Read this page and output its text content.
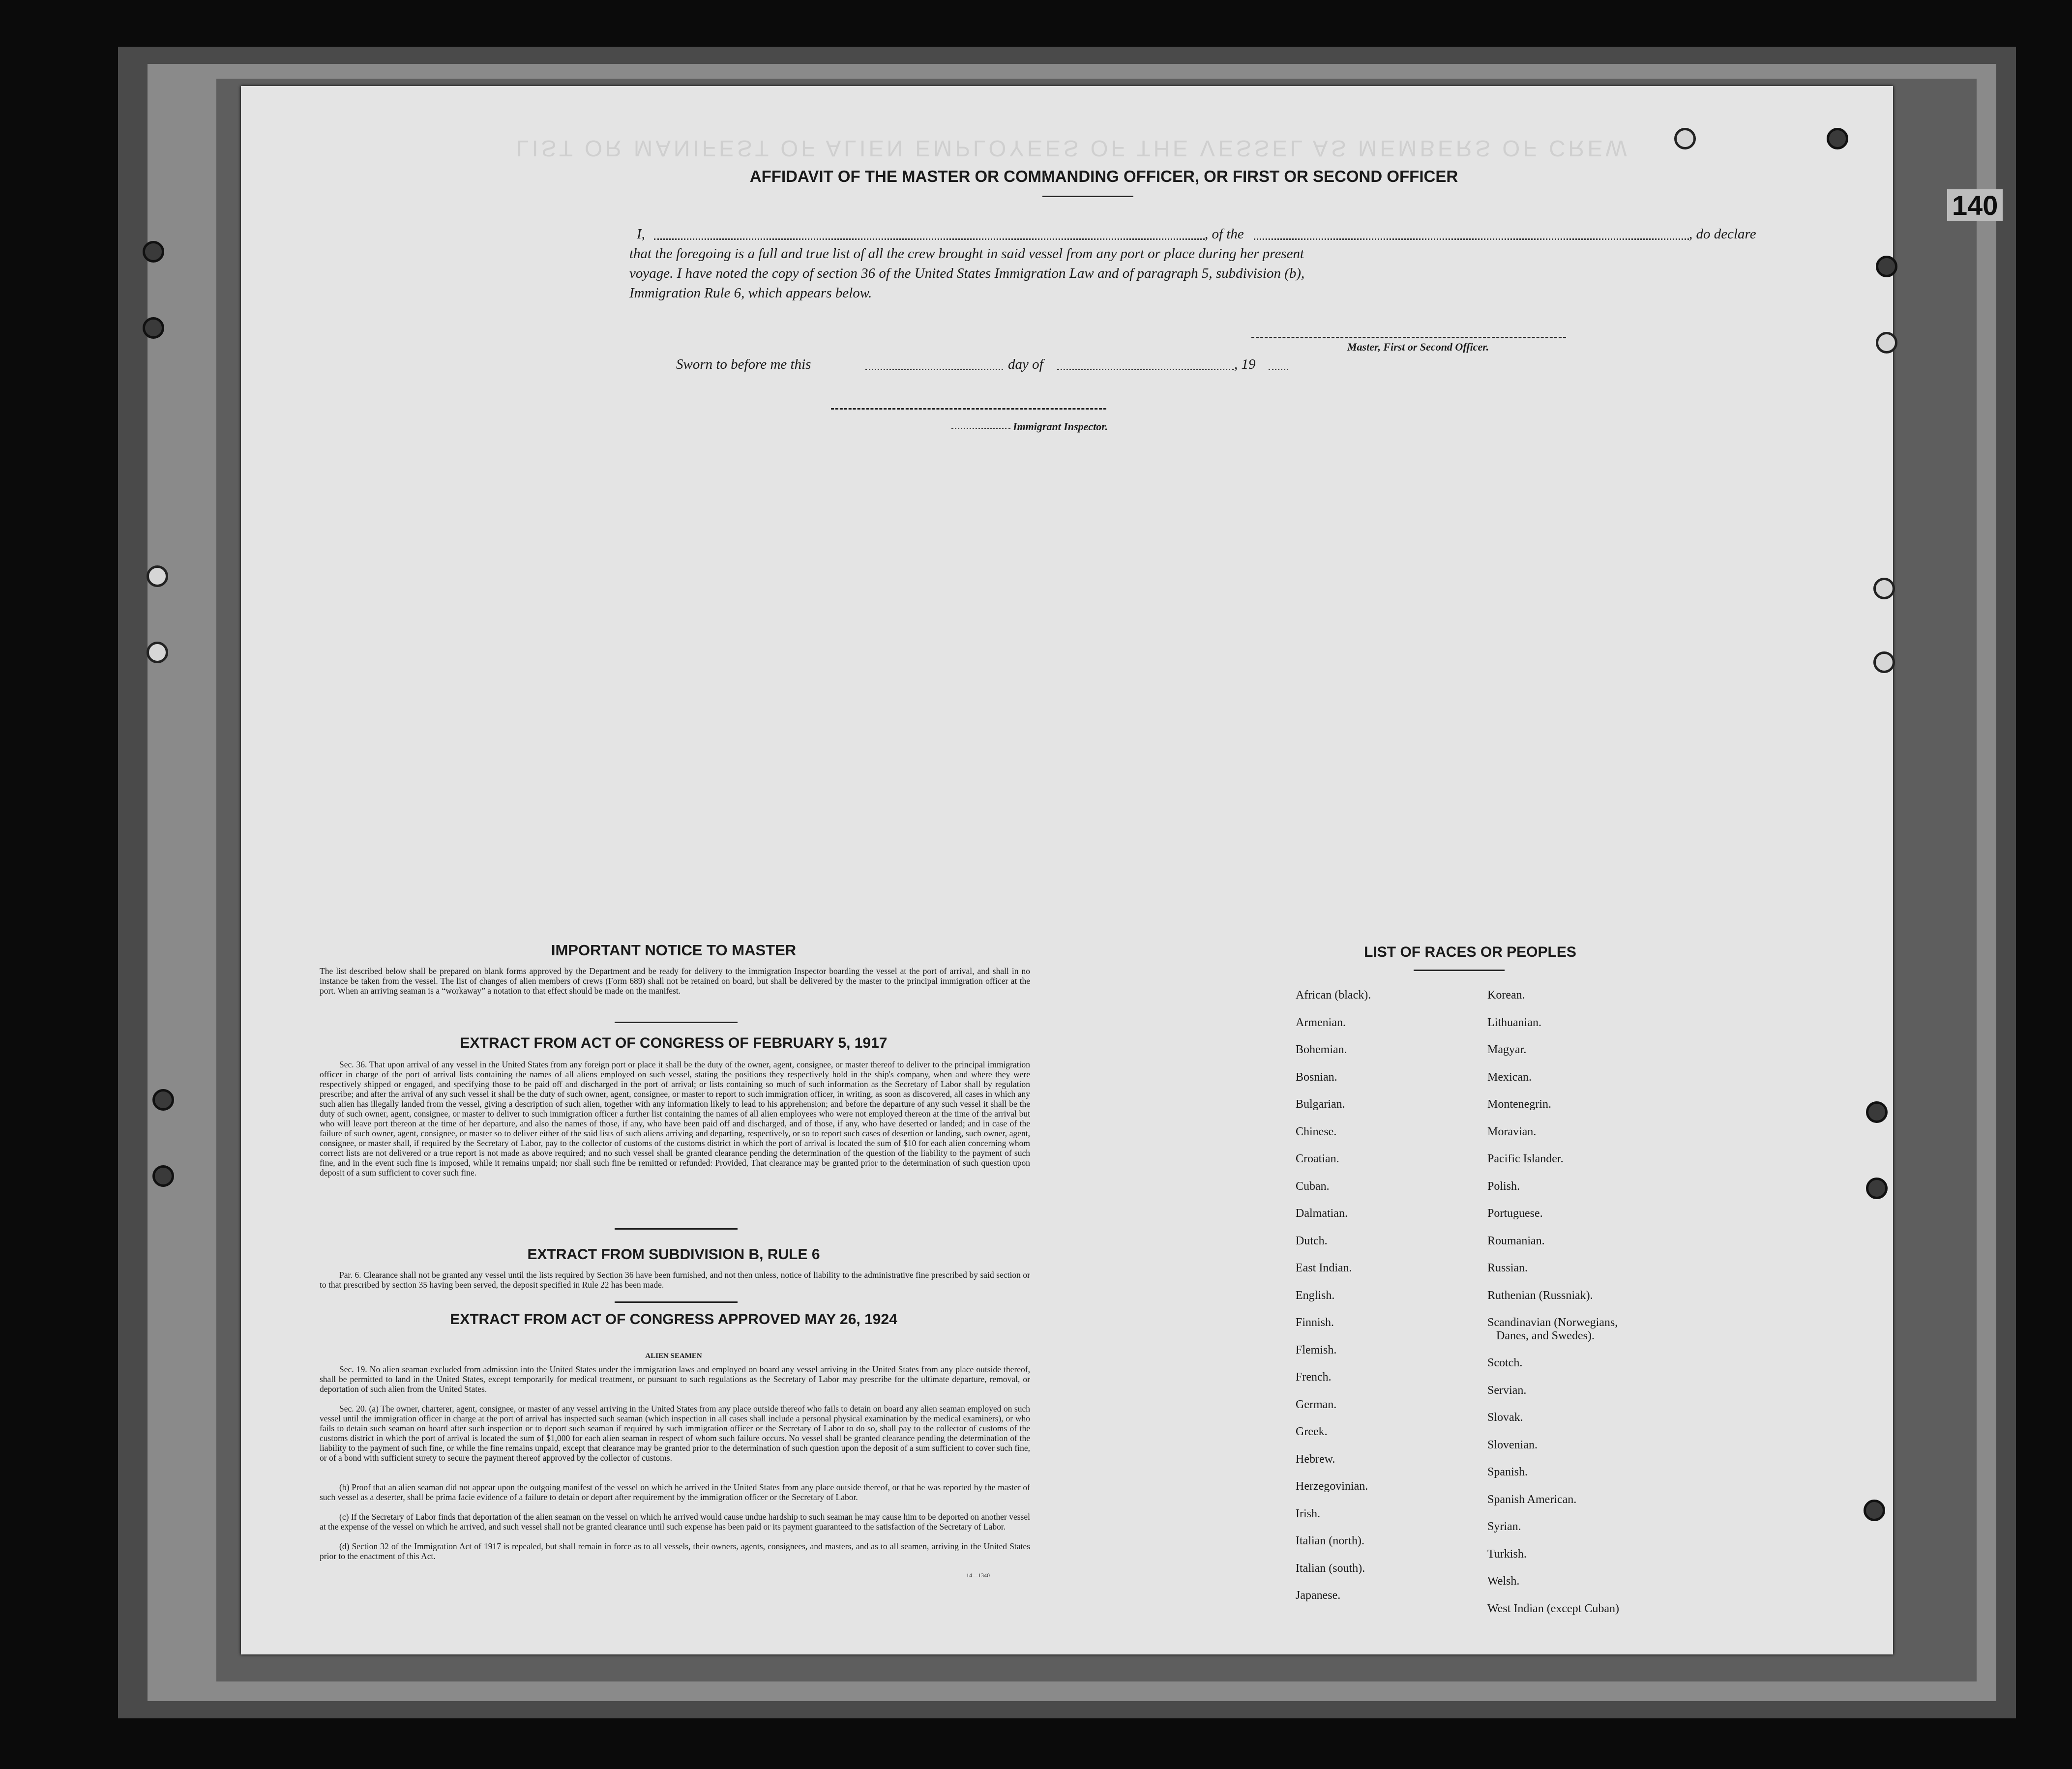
140
LIST OR MANIFEST OF ALIEN EMPLOYEES OF THE VESSEL AS MEMBERS OF CREW
AFFIDAVIT OF THE MASTER OR COMMANDING OFFICER, OR FIRST OR SECOND OFFICER
I,	, of the	, do declare
that the foregoing is a full and true list of all the crew brought in said vessel from any port or place during her present
voyage. I have noted the copy of section 36 of the United States Immigration Law and of paragraph 5, subdivision (b),
Immigration Rule 6, which appears below.
Master, First or Second Officer.
Sworn to before me this	day of	, 19
Immigrant Inspector.
IMPORTANT NOTICE TO MASTER
The list described below shall be prepared on blank forms approved by the Department and be ready for delivery to the immigration Inspector boarding the vessel at the port of arrival, and shall in no instance be taken from the vessel. The list of changes of alien members of crews (Form 689) shall not be retained on board, but shall be delivered by the master to the principal immigration officer at the port. When an arriving seaman is a “workaway” a notation to that effect should be made on the manifest.
EXTRACT FROM ACT OF CONGRESS OF FEBRUARY 5, 1917
Sec. 36. That upon arrival of any vessel in the United States from any foreign port or place it shall be the duty of the owner, agent, consignee, or master thereof to deliver to the principal immigration officer in charge of the port of arrival lists containing the names of all aliens employed on such vessel, stating the positions they respectively hold in the ship's company, when and where they were respectively shipped or engaged, and specifying those to be paid off and discharged in the port of arrival; or lists containing so much of such information as the Secretary of Labor shall by regulation prescribe; and after the arrival of any such vessel it shall be the duty of such owner, agent, consignee, or master to report to such immigration officer, in writing, as soon as discovered, all cases in which any such alien has illegally landed from the vessel, giving a description of such alien, together with any information likely to lead to his apprehension; and before the departure of any such vessel it shall be the duty of such owner, agent, consignee, or master to deliver to such immigration officer a further list containing the names of all alien employees who were not employed thereon at the time of the arrival but who will leave port thereon at the time of her departure, and also the names of those, if any, who have been paid off and discharged, and of those, if any, who have deserted or landed; and in case of the failure of such owner, agent, consignee, or master so to deliver either of the said lists of such aliens arriving and departing, respectively, or so to report such cases of desertion or landing, such owner, agent, consignee, or master shall, if required by the Secretary of Labor, pay to the collector of customs of the customs district in which the port of arrival is located the sum of $10 for each alien concerning whom correct lists are not delivered or a true report is not made as above required; and no such vessel shall be granted clearance pending the determination of the question of the liability to the payment of such fine, and in the event such fine is imposed, while it remains unpaid; nor shall such fine be remitted or refunded: Provided, That clearance may be granted prior to the determination of such question upon deposit of a sum sufficient to cover such fine.
EXTRACT FROM SUBDIVISION B, RULE 6
Par. 6. Clearance shall not be granted any vessel until the lists required by Section 36 have been furnished, and not then unless, notice of liability to the administrative fine prescribed by said section or to that prescribed by section 35 having been served, the deposit specified in Rule 22 has been made.
EXTRACT FROM ACT OF CONGRESS APPROVED MAY 26, 1924
ALIEN SEAMEN
Sec. 19. No alien seaman excluded from admission into the United States under the immigration laws and employed on board any vessel arriving in the United States from any place outside thereof, shall be permitted to land in the United States, except temporarily for medical treatment, or pursuant to such regulations as the Secretary of Labor may prescribe for the ultimate departure, removal, or deportation of such alien from the United States.
Sec. 20. (a) The owner, charterer, agent, consignee, or master of any vessel arriving in the United States from any place outside thereof who fails to detain on board any alien seaman employed on such vessel until the immigration officer in charge at the port of arrival has inspected such seaman (which inspection in all cases shall include a personal physical examination by the medical examiners), or who fails to detain such seaman on board after such inspection or to deport such seaman if required by such immigration officer or the Secretary of Labor to do so, shall pay to the collector of customs of the customs district in which the port of arrival is located the sum of $1,000 for each alien seaman in respect of whom such failure occurs. No vessel shall be granted clearance pending the determination of the liability to the payment of such fine, or while the fine remains unpaid, except that clearance may be granted prior to the determination of such question upon the deposit of a sum sufficient to cover such fine, or of a bond with sufficient surety to secure the payment thereof approved by the collector of customs.
(b) Proof that an alien seaman did not appear upon the outgoing manifest of the vessel on which he arrived in the United States from any place outside thereof, or that he was reported by the master of such vessel as a deserter, shall be prima facie evidence of a failure to detain or deport after requirement by the immigration officer or the Secretary of Labor.
(c) If the Secretary of Labor finds that deportation of the alien seaman on the vessel on which he arrived would cause undue hardship to such seaman he may cause him to be deported on another vessel at the expense of the vessel on which he arrived, and such vessel shall not be granted clearance until such expense has been paid or its payment guaranteed to the satisfaction of the Secretary of Labor.
(d) Section 32 of the Immigration Act of 1917 is repealed, but shall remain in force as to all vessels, their owners, agents, consignees, and masters, and as to all seamen, arriving in the United States prior to the enactment of this Act.
14—1340
LIST OF RACES OR PEOPLES
African (black).
Armenian.
Bohemian.
Bosnian.
Bulgarian.
Chinese.
Croatian.
Cuban.
Dalmatian.
Dutch.
East Indian.
English.
Finnish.
Flemish.
French.
German.
Greek.
Hebrew.
Herzegovinian.
Irish.
Italian (north).
Italian (south).
Japanese.
Korean.
Lithuanian.
Magyar.
Mexican.
Montenegrin.
Moravian.
Pacific Islander.
Polish.
Portuguese.
Roumanian.
Russian.
Ruthenian (Russniak).
Scandinavian (Norwegians,
Danes, and Swedes).
Scotch.
Servian.
Slovak.
Slovenian.
Spanish.
Spanish American.
Syrian.
Turkish.
Welsh.
West Indian (except Cuban)
